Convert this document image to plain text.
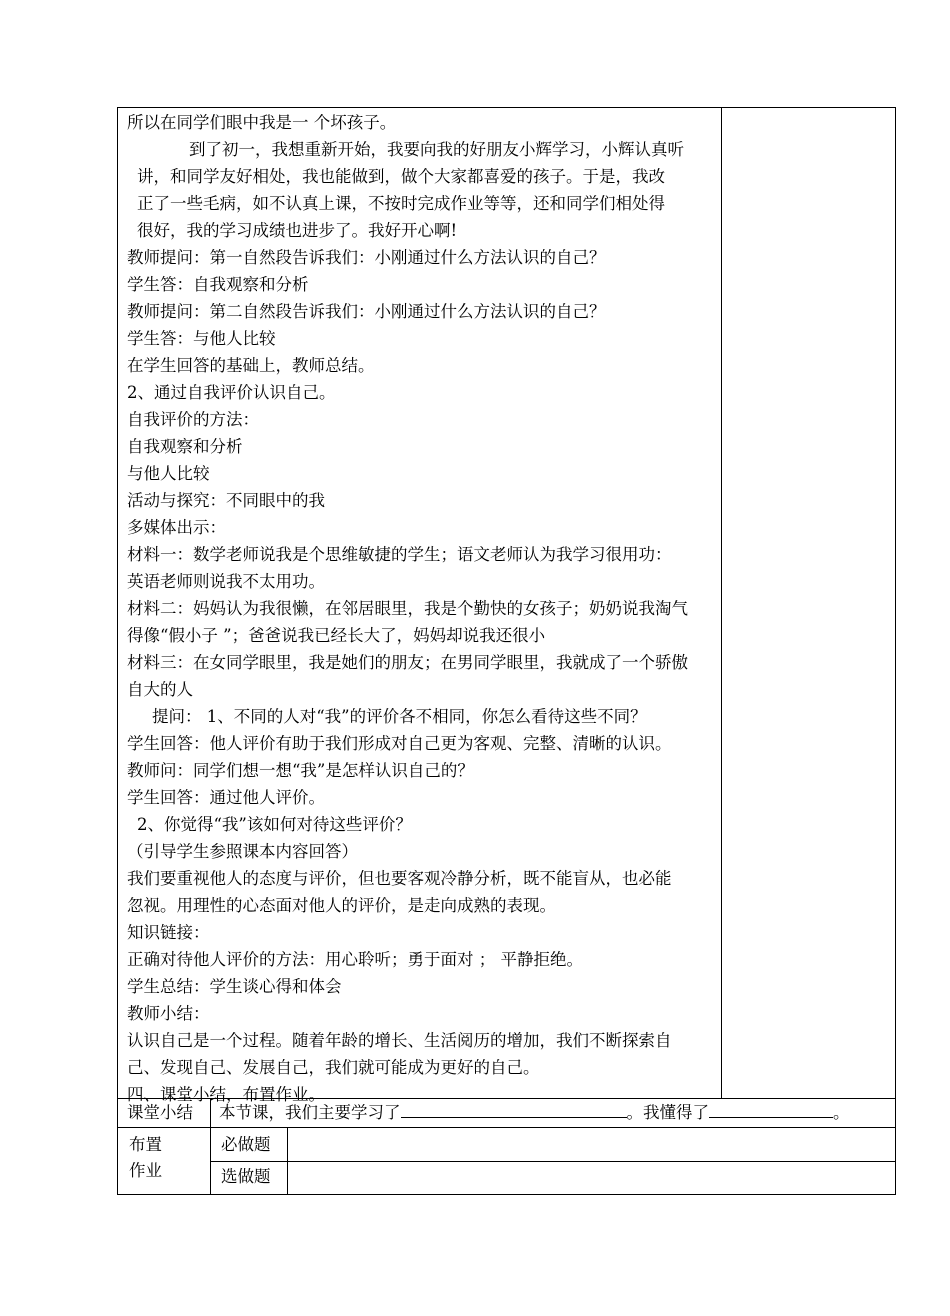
所以在同学们眼中我是一 个坏孩子。
到了初一，我想重新开始，我要向我的好朋友小辉学习，小辉认真听
讲，和同学友好相处，我也能做到，做个大家都喜爱的孩子。于是，我改
正了一些毛病，如不认真上课，不按时完成作业等等，还和同学们相处得
很好，我的学习成绩也进步了。我好开心啊!
教师提问：第一自然段告诉我们：小刚通过什么方法认识的自己？
学生答：自我观察和分析
教师提问：第二自然段告诉我们：小刚通过什么方法认识的自己？
学生答：与他人比较
在学生回答的基础上，教师总结。
2、通过自我评价认识自己。
自我评价的方法：
自我观察和分析
与他人比较
活动与探究：不同眼中的我
多媒体出示：
材料一：数学老师说我是个思维敏捷的学生；语文老师认为我学习很用功：
英语老师则说我不太用功。
材料二：妈妈认为我很懒，在邻居眼里，我是个勤快的女孩子；奶奶说我淘气
得像“假小子 ”；爸爸说我已经长大了，妈妈却说我还很小
材料三：在女同学眼里，我是她们的朋友；在男同学眼里，我就成了一个骄傲
自大的人
提问： 1、不同的人对“我”的评价各不相同，你怎么看待这些不同？
学生回答：他人评价有助于我们形成对自己更为客观、完整、清晰的认识。
教师问：同学们想一想“我”是怎样认识自己的？
学生回答：通过他人评价。
2、你觉得“我”该如何对待这些评价？
（引导学生参照课本内容回答）
我们要重视他人的态度与评价，但也要客观冷静分析，既不能盲从，也必能
忽视。用理性的心态面对他人的评价，是走向成熟的表现。
知识链接：
正确对待他人评价的方法：用心聆听；勇于面对 ； 平静拒绝。
学生总结：学生谈心得和体会
教师小结：
认识自己是一个过程。随着年龄的增长、生活阅历的增加，我们不断探索自
己、发现自己、发展自己，我们就可能成为更好的自己。
四、课堂小结，布置作业。
课堂小结 本节课，我们主要学习了	。我懂得了	。
布置
作业
必做题
选做题
